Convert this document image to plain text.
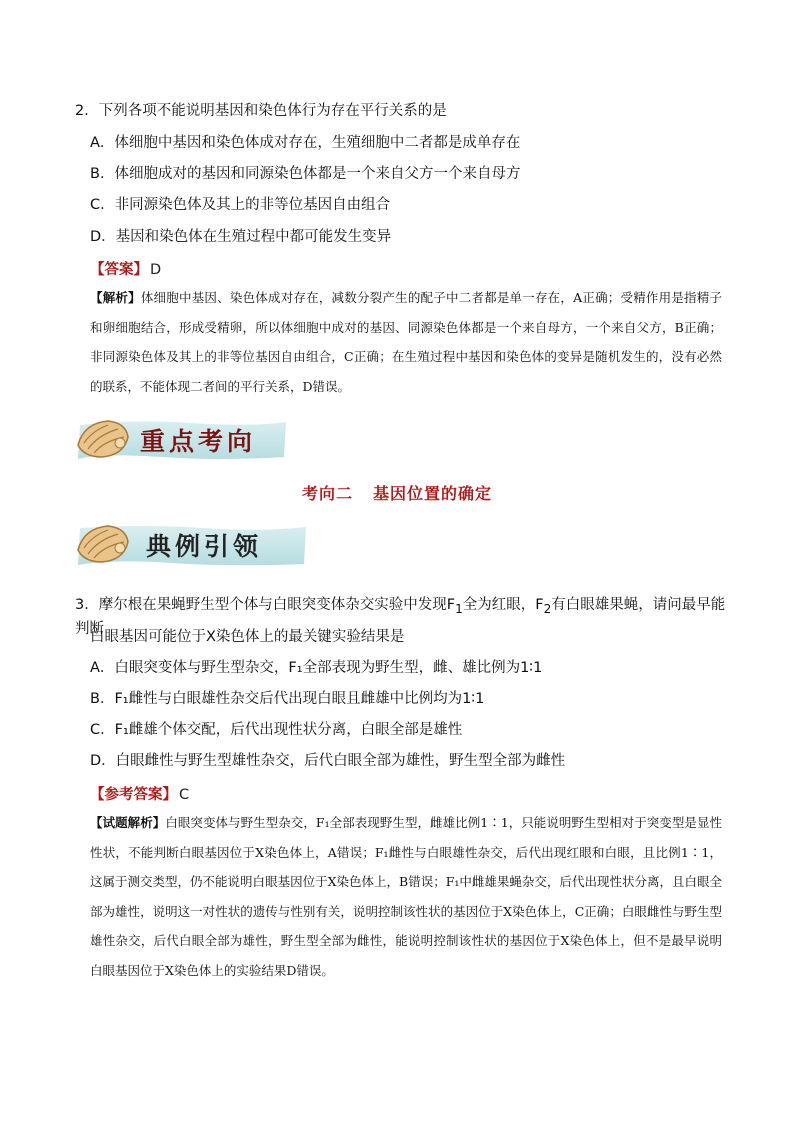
2．下列各项不能说明基因和染色体行为存在平行关系的是
A．体细胞中基因和染色体成对存在，生殖细胞中二者都是成单存在
B．体细胞成对的基因和同源染色体都是一个来自父方一个来自母方
C．非同源染色体及其上的非等位基因自由组合
D．基因和染色体在生殖过程中都可能发生变异
【答案】 D
【解析】体细胞中基因、染色体成对存在，减数分裂产生的配子中二者都是单一存在，A正确；受精作用是指精子和卵细胞结合，形成受精卵，所以体细胞中成对的基因、同源染色体都是一个来自母方，一个来自父方，B正确；非同源染色体及其上的非等位基因自由组合，C正确；在生殖过程中基因和染色体的变异是随机发生的，没有必然的联系，不能体现二者间的平行关系，D错误。
重点考向
考向二 基因位置的确定
典例引领
3．摩尔根在果蝇野生型个体与白眼突变体杂交实验中发现$F_1$全为红眼，$F_2$有白眼雄果蝇，请问最早能判断
白眼基因可能位于X染色体上的最关键实验结果是
A．白眼突变体与野生型杂交，F₁全部表现为野生型，雌、雄比例为1∶1
B．F₁雌性与白眼雄性杂交后代出现白眼且雌雄中比例均为1∶1
C．F₁雌雄个体交配，后代出现性状分离，白眼全部是雄性
D．白眼雌性与野生型雄性杂交，后代白眼全部为雄性，野生型全部为雌性
【参考答案】 C
【试题解析】白眼突变体与野生型杂交，F₁全部表现野生型，雌雄比例1∶1，只能说明野生型相对于突变型是显性性状，不能判断白眼基因位于X染色体上，A错误；F₁雌性与白眼雄性杂交，后代出现红眼和白眼，且比例1∶1，这属于测交类型，仍不能说明白眼基因位于X染色体上，B错误；F₁中雌雄果蝇杂交，后代出现性状分离，且白眼全部为雄性，说明这一对性状的遗传与性别有关，说明控制该性状的基因位于X染色体上，C正确；白眼雌性与野生型雄性杂交，后代白眼全部为雄性，野生型全部为雌性，能说明控制该性状的基因位于X染色体上，但不是最早说明白眼基因位于X染色体上的实验结果D错误。
